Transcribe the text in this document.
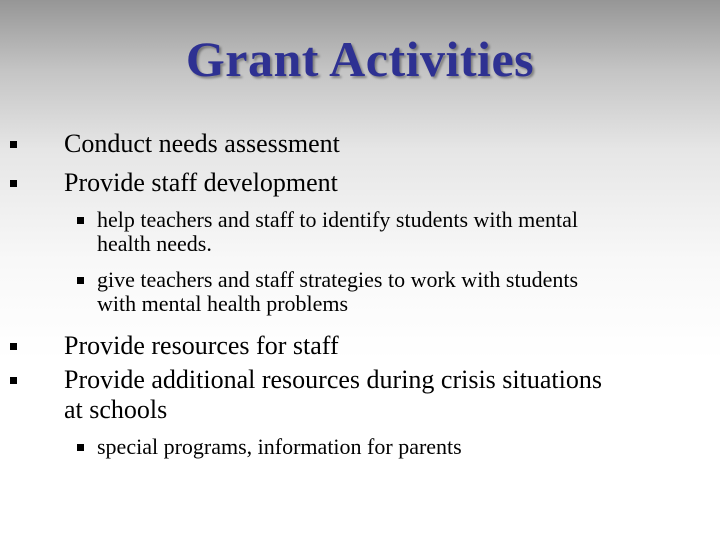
Grant Activities
Conduct needs assessment
Provide staff development
help teachers and staff to identify students with mental
health needs.
give teachers and staff strategies to work with students
with mental health problems
Provide resources for staff
Provide additional resources during crisis situations
at schools
special programs, information for parents
